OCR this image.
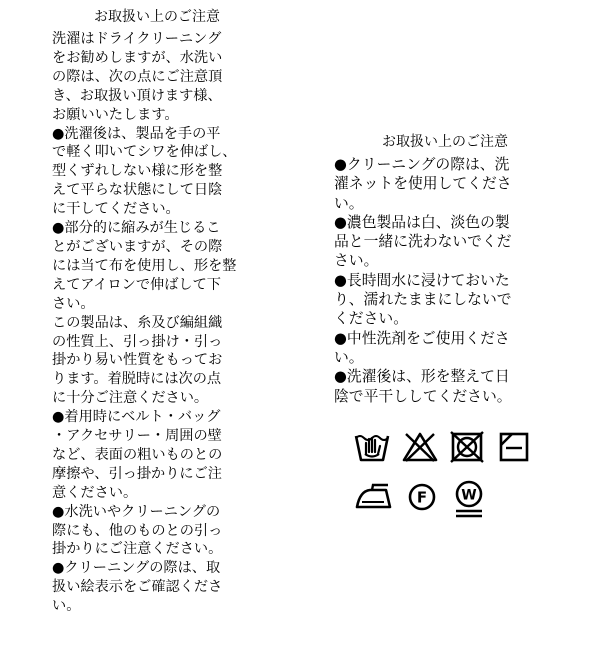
お取扱い上のご注意
洗濯はドライクリーニング
をお勧めしますが、水洗い
の際は、次の点にご注意頂
き、お取扱い頂けます様、
お願いいたします。
●洗濯後は、製品を手の平
で軽く叩いてシワを伸ばし、
型くずれしない様に形を整
えて平らな状態にして日陰
に干してください。
●部分的に縮みが生じるこ
とがございますが、その際
には当て布を使用し、形を整
えてアイロンで伸ばして下
さい。
この製品は、糸及び編組織
の性質上、引っ掛け・引っ
掛かり易い性質をもってお
ります。着脱時には次の点
に十分ご注意ください。
●着用時にベルト・バッグ
・アクセサリー・周囲の壁
など、表面の粗いものとの
摩擦や、引っ掛かりにご注
意ください。
●水洗いやクリーニングの
際にも、他のものとの引っ
掛かりにご注意ください。
●クリーニングの際は、取
扱い絵表示をご確認くださ
い。
お取扱い上のご注意
●クリーニングの際は、洗
濯ネットを使用してくださ
い。
●濃色製品は白、淡色の製
品と一緒に洗わないでくだ
さい。
●長時間水に浸けておいた
り、濡れたままにしないで
ください。
●中性洗剤をご使用くださ
い。
●洗濯後は、形を整えて日
陰で平干ししてください。
F W
